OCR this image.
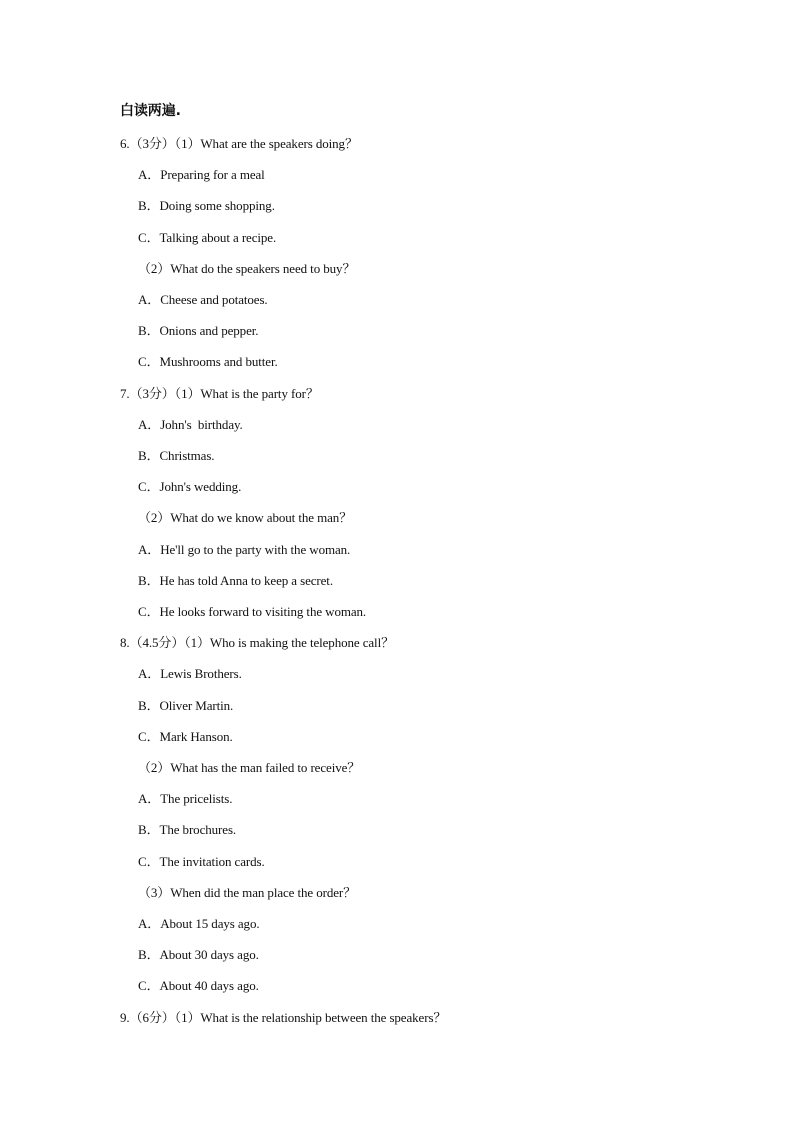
白读两遍.
6.（3分）（1）What are the speakers doing？
A．Preparing for a meal
B．Doing some shopping.
C．Talking about a recipe.
（2）What do the speakers need to buy？
A．Cheese and potatoes.
B．Onions and pepper.
C．Mushrooms and butter.
7.（3分）（1）What is the party for？
A．John's  birthday.
B．Christmas.
C．John's wedding.
（2）What do we know about the man？
A．He'll go to the party with the woman.
B．He has told Anna to keep a secret.
C．He looks forward to visiting the woman.
8.（4.5分）（1）Who is making the telephone call？
A．Lewis Brothers.
B．Oliver Martin.
C．Mark Hanson.
（2）What has the man failed to receive？
A．The pricelists.
B．The brochures.
C．The invitation cards.
（3）When did the man place the order？
A．About 15 days ago.
B．About 30 days ago.
C．About 40 days ago.
9.（6分）（1）What is the relationship between the speakers？
